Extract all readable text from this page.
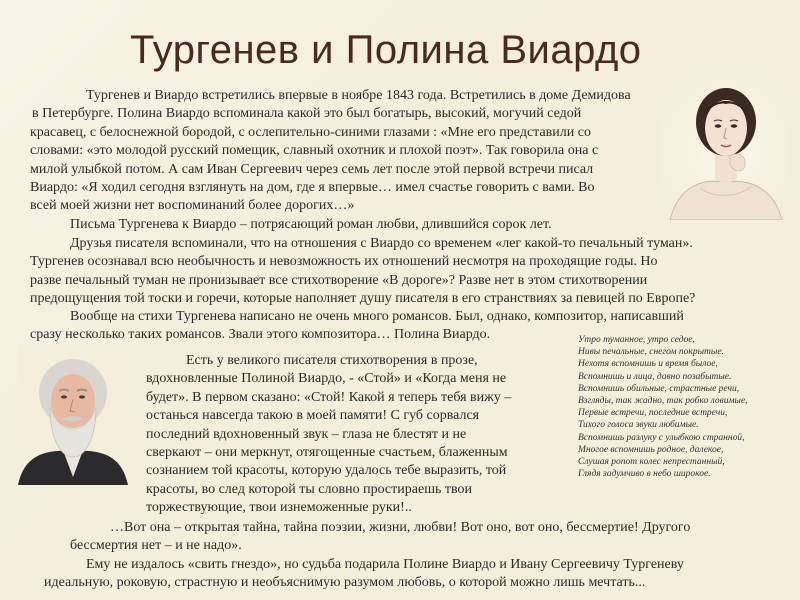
Тургенев и Полина Виардо
Тургенев и Виардо встретились впервые в ноябре 1843 года. Встретились в доме Демидова
в Петербурге. Полина Виардо вспоминала какой это был богатырь, высокий, могучий седой
красавец, с белоснежной бородой, с ослепительно-синими глазами : «Мне его представили со
словами: «это молодой русский помещик, славный охотник и плохой поэт». Так говорила она с
милой улыбкой потом. А сам Иван Сергеевич через семь лет после этой первой встречи писал
Виардо: «Я ходил сегодня взглянуть на дом, где я впервые… имел счастье говорить с вами. Во
всей моей жизни нет воспоминаний более дорогих…»
Письма Тургенева к Виардо – потрясающий роман любви, длившийся сорок лет.
Друзья писателя вспоминали, что на отношения с Виардо со временем «лег какой-то печальный туман».
Тургенев осознавал всю необычность и невозможность их отношений несмотря на проходящие годы. Но
разве печальный туман не пронизывает все стихотворение «В дороге»? Разве нет в этом стихотворении
предощущения той тоски и горечи, которые наполняет душу писателя в его странствиях за певицей по Европе?
Вообще на стихи Тургенева написано не очень много романсов. Был, однако, композитор, написавший
сразу несколько таких романсов. Звали этого композитора… Полина Виардо.
Есть у великого писателя стихотворения в прозе,
вдохновленные Полиной Виардо, - «Стой» и «Когда меня не
будет». В первом сказано: «Стой! Какой я теперь тебя вижу –
останься навсегда такою в моей памяти! С губ сорвался
последний вдохновенный звук – глаза не блестят и не
сверкают – они меркнут, отягощенные счастьем, блаженным
сознанием той красоты, которую удалось тебе выразить, той
красоты, во след которой ты словно простираешь твои
торжествующие, твои изнеможенные руки!..
Утро туманное, утро седое,
Нивы печальные, снегом покрытые.
Нехотя вспомнишь и время былое,
Вспомнишь и лица, давно позабытые.
Вспомнишь обильные, страстные речи,
Взгляды, так жадно, так робко ловимые,
Первые встречи, последние встречи,
Тихого голоса звуки любимые.
Вспомнишь разлуку с улыбкою странной,
Многое вспомнишь родное, далекое,
Слушая ропот колес непрестанный,
Глядя задумчиво в небо широкое.
…Вот она – открытая тайна, тайна поэзии, жизни, любви! Вот оно, вот оно, бессмертие! Другого
бессмертия нет – и не надо».
Ему не издалось «свить гнездо», но судьба подарила Полине Виардо и Ивану Сергеевичу Тургеневу
идеальную, роковую, страстную и необъяснимую разумом любовь, о которой можно лишь мечтать...
